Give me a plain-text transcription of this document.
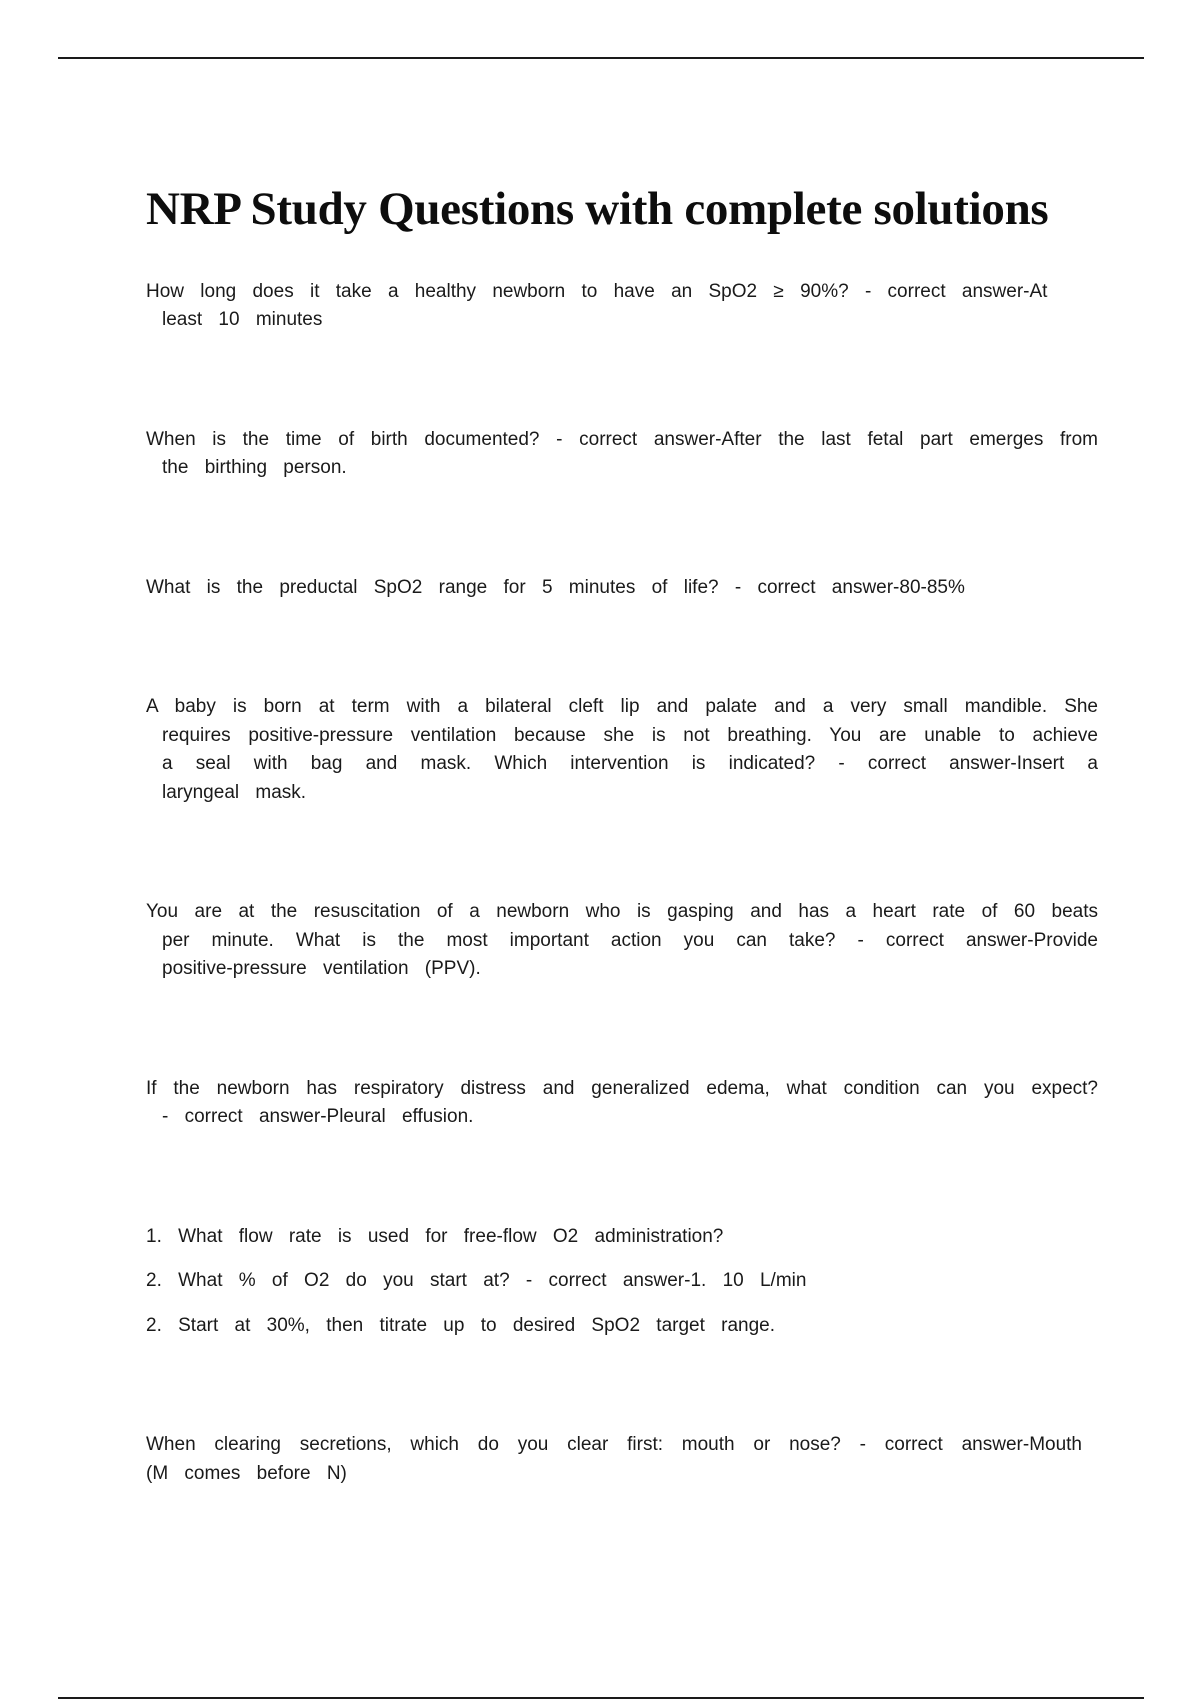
NRP Study Questions with complete solutions

How long does it take a healthy newborn to have an SpO2 ≥ 90%? - correct answer-At least 10 minutes

When is the time of birth documented? - correct answer-After the last fetal part emerges from the birthing person.

What is the preductal SpO2 range for 5 minutes of life? - correct answer-80-85%

A baby is born at term with a bilateral cleft lip and palate and a very small mandible. She requires positive-pressure ventilation because she is not breathing. You are unable to achieve a seal with bag and mask. Which intervention is indicated? - correct answer-Insert a laryngeal mask.

You are at the resuscitation of a newborn who is gasping and has a heart rate of 60 beats per minute. What is the most important action you can take? - correct answer-Provide positive-pressure ventilation (PPV).

If the newborn has respiratory distress and generalized edema, what condition can you expect? - correct answer-Pleural effusion.

1. What flow rate is used for free-flow O2 administration?
2. What % of O2 do you start at? - correct answer-1. 10 L/min
2. Start at 30%, then titrate up to desired SpO2 target range.

When clearing secretions, which do you clear first: mouth or nose? - correct answer-Mouth (M comes before N)
